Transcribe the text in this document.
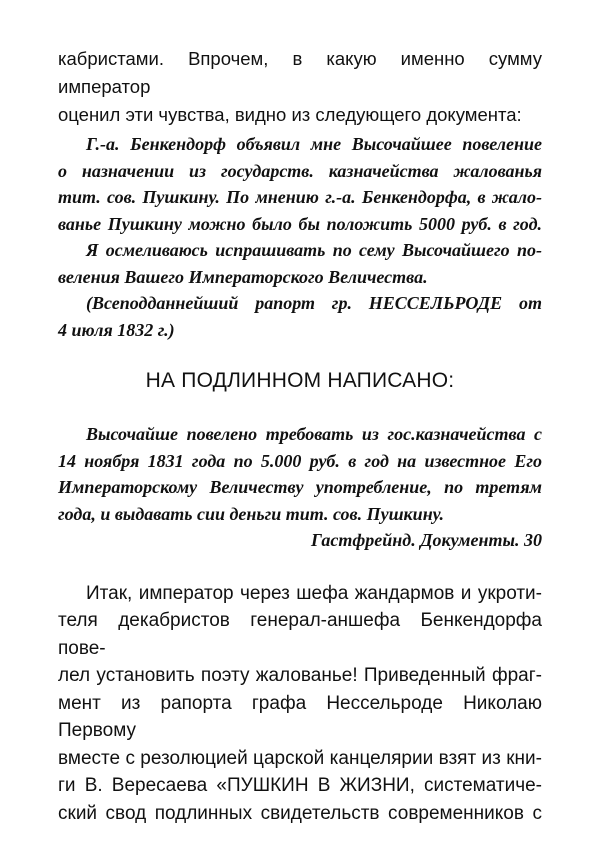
кабристами. Впрочем, в какую именно сумму император

оценил эти чувства, видно из следующего документа:

Г.-а. Бенкендорф объявил мне Высочайшее повеление

о назначении из государств. казначейства жалованья

тит. сов. Пушкину. По мнению г.-а. Бенкендорфа, в жало-

ванье Пушкину можно было бы положить 5000 руб. в год.

Я осмеливаюсь испрашивать по сему Высочайшего по-

веления Вашего Императорского Величества.

(Всеподданнейший рапорт гр. НЕССЕЛЬРОДЕ от

4 июля 1832 г.)

НА ПОДЛИННОМ НАПИСАНО:

Высочайше повелено требовать из гос.казначейства с

14 ноября 1831 года по 5.000 руб. в год на известное Его

Императорскому Величеству употребление, по третям

года, и выдавать сии деньги тит. сов. Пушкину.

Гастфрейнд. Документы. 30

Итак, император через шефа жандармов и укроти-

теля декабристов генерал-аншефа Бенкендорфа пове-

лел установить поэту жалованье! Приведенный фраг-

мент из рапорта графа Нессельроде Николаю Первому

вместе с резолюцией царской канцелярии взят из кни-

ги В. Вересаева «ПУШКИН В ЖИЗНИ, систематиче-

ский свод подлинных свидетельств современников с
